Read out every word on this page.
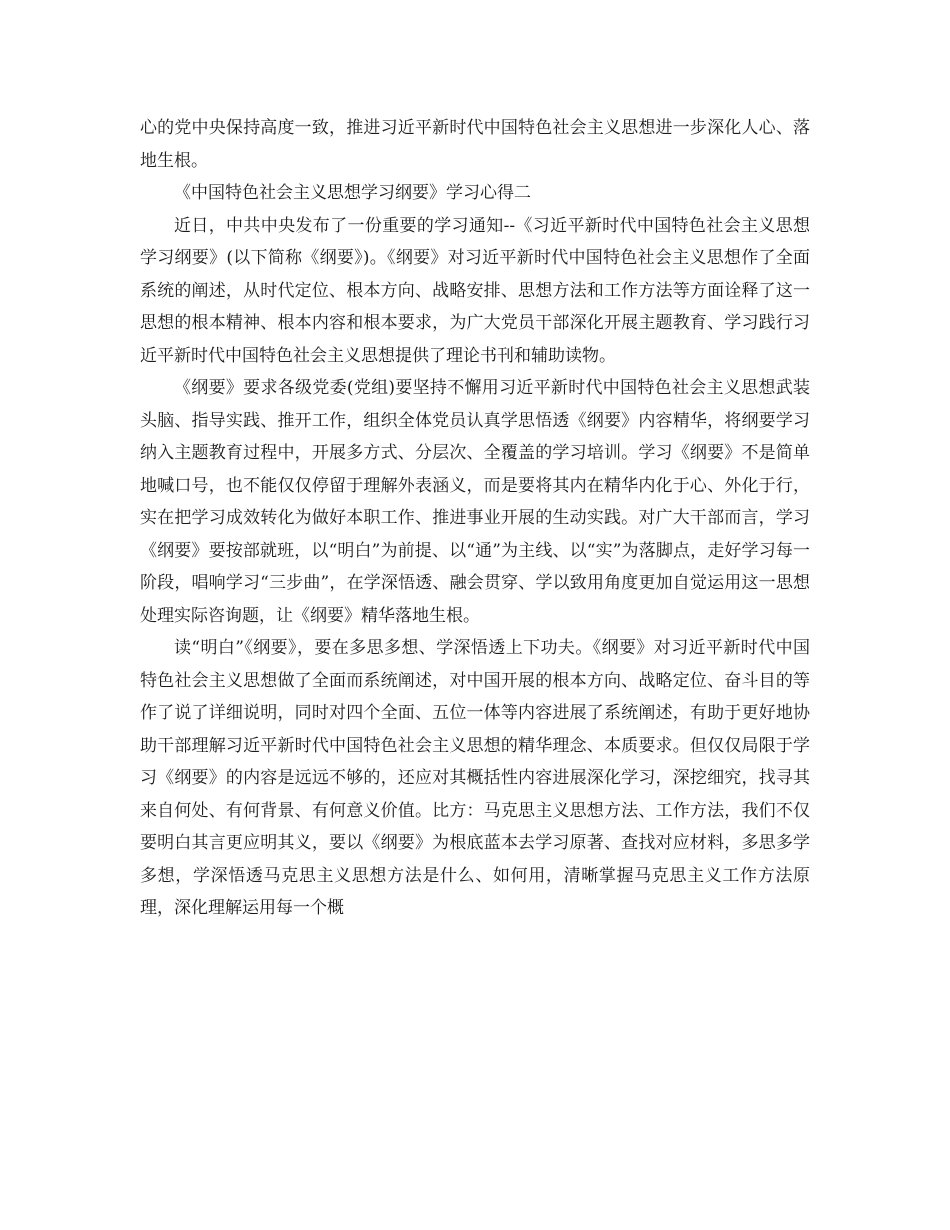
心的党中央保持高度一致，推进习近平新时代中国特色社会主义思想进一步深化人心、落地生根。

《中国特色社会主义思想学习纲要》学习心得二

近日，中共中央发布了一份重要的学习通知--《习近平新时代中国特色社会主义思想学习纲要》(以下简称《纲要》)。《纲要》对习近平新时代中国特色社会主义思想作了全面系统的阐述，从时代定位、根本方向、战略安排、思想方法和工作方法等方面诠释了这一思想的根本精神、根本内容和根本要求，为广大党员干部深化开展主题教育、学习践行习近平新时代中国特色社会主义思想提供了理论书刊和辅助读物。

《纲要》要求各级党委(党组)要坚持不懈用习近平新时代中国特色社会主义思想武装头脑、指导实践、推开工作，组织全体党员认真学思悟透《纲要》内容精华，将纲要学习纳入主题教育过程中，开展多方式、分层次、全覆盖的学习培训。学习《纲要》不是简单地喊口号，也不能仅仅停留于理解外表涵义，而是要将其内在精华内化于心、外化于行，实在把学习成效转化为做好本职工作、推进事业开展的生动实践。对广大干部而言，学习《纲要》要按部就班，以“明白”为前提、以“通”为主线、以“实”为落脚点，走好学习每一阶段，唱响学习“三步曲”，在学深悟透、融会贯穿、学以致用角度更加自觉运用这一思想处理实际咨询题，让《纲要》精华落地生根。

读“明白”《纲要》，要在多思多想、学深悟透上下功夫。《纲要》对习近平新时代中国特色社会主义思想做了全面而系统阐述，对中国开展的根本方向、战略定位、奋斗目的等作了说了详细说明，同时对四个全面、五位一体等内容进展了系统阐述，有助于更好地协助干部理解习近平新时代中国特色社会主义思想的精华理念、本质要求。但仅仅局限于学习《纲要》的内容是远远不够的，还应对其概括性内容进展深化学习，深挖细究，找寻其来自何处、有何背景、有何意义价值。比方：马克思主义思想方法、工作方法，我们不仅要明白其言更应明其义，要以《纲要》为根底蓝本去学习原著、查找对应材料，多思多学多想，学深悟透马克思主义思想方法是什么、如何用，清晰掌握马克思主义工作方法原理，深化理解运用每一个概
